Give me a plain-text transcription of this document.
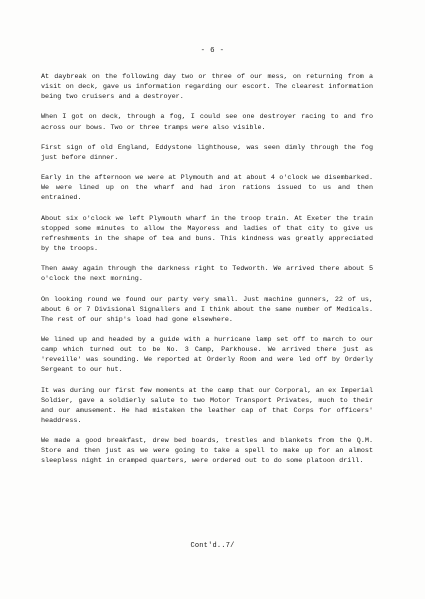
- 6 -

At daybreak on the following day two or three of our mess, on returning from a visit on deck, gave us information regarding our escort. The clearest information being two cruisers and a destroyer.

When I got on deck, through a fog, I could see one destroyer racing to and fro across our bows. Two or three tramps were also visible.

First sign of old England, Eddystone lighthouse, was seen dimly through the fog just before dinner.

Early in the afternoon we were at Plymouth and at about 4 o'clock we disembarked. We were lined up on the wharf and had iron rations issued to us and then entrained.

About six o'clock we left Plymouth wharf in the troop train. At Exeter the train stopped some minutes to allow the Mayoress and ladies of that city to give us refreshments in the shape of tea and buns. This kindness was greatly appreciated by the troops.

Then away again through the darkness right to Tedworth. We arrived there about 5 o'clock the next morning.

On looking round we found our party very small. Just machine gunners, 22 of us, about 6 or 7 Divisional Signallers and I think about the same number of Medicals. The rest of our ship's load had gone elsewhere.

We lined up and headed by a guide with a hurricane lamp set off to march to our camp which turned out to be No. 3 Camp, Parkhouse. We arrived there just as 'reveille' was sounding. We reported at Orderly Room and were led off by Orderly Sergeant to our hut.

It was during our first few moments at the camp that our Corporal, an ex Imperial Soldier, gave a soldierly salute to two Motor Transport Privates, much to their and our amusement. He had mistaken the leather cap of that Corps for officers' headdress.

We made a good breakfast, drew bed boards, trestles and blankets from the Q.M. Store and then just as we were going to take a spell to make up for an almost sleepless night in cramped quarters, were ordered out to do some platoon drill.

Cont'd..7/
